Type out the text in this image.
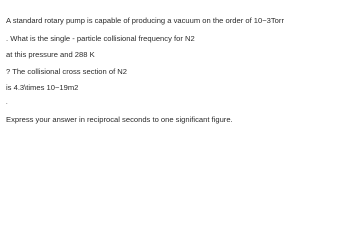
A standard rotary pump is capable of producing a vacuum on the order of 10−3Torr
. What is the single - particle collisional frequency for N2
at this pressure and 288 K
? The collisional cross section of N2
is 4.3\times 10−19m2
.
Express your answer in reciprocal seconds to one significant figure.
